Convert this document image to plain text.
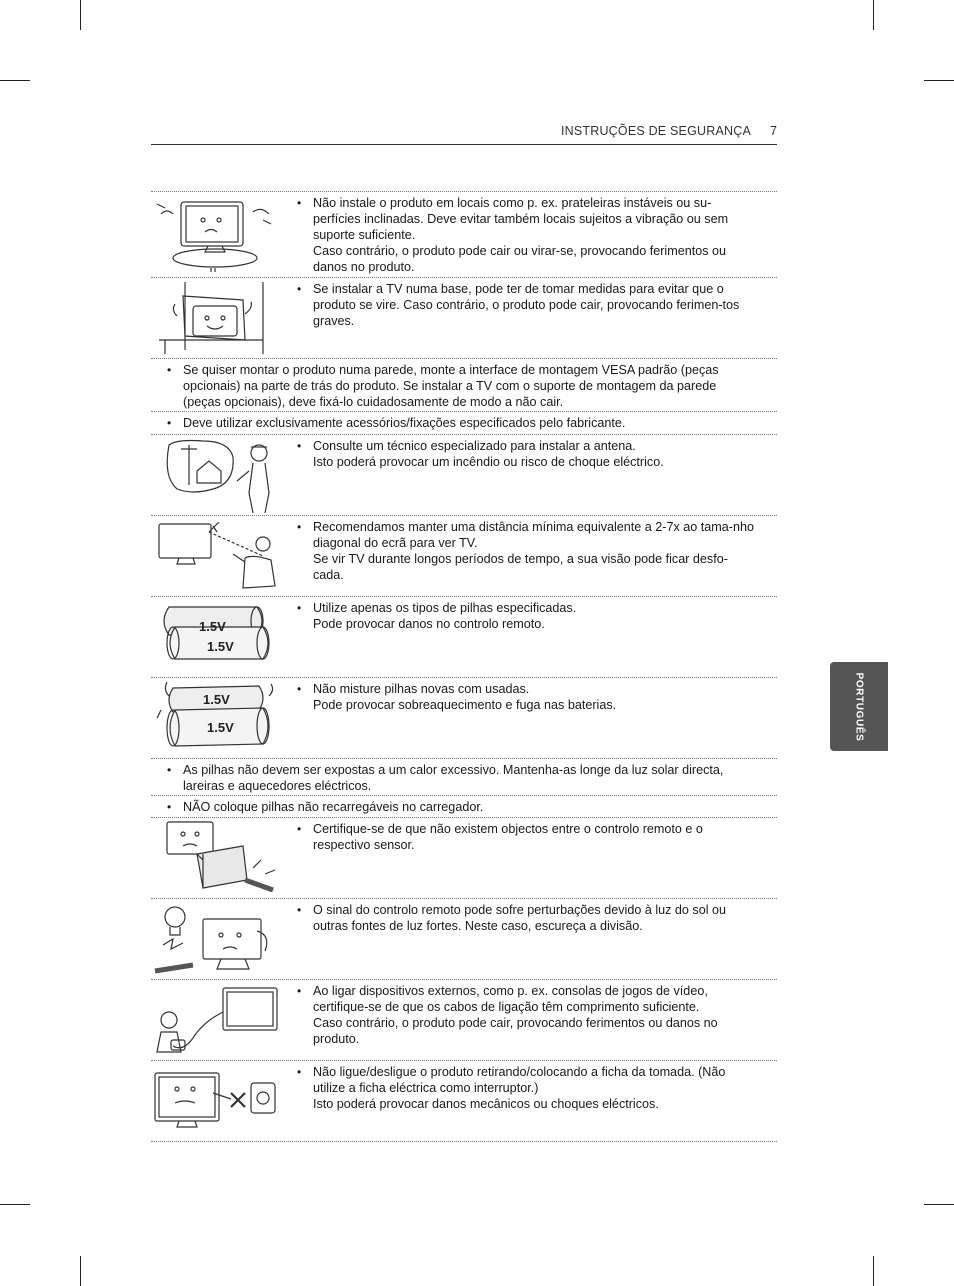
INSTRUÇÕES DE SEGURANÇA 7
PORTUGUÊS
• Não instale o produto em locais como p. ex. prateleiras instáveis ou su-perfícies inclinadas. Deve evitar também locais sujeitos a vibração ou sem suporte suficiente.

Caso contrário, o produto pode cair ou virar-se, provocando ferimentos ou danos no produto.

• Se instalar a TV numa base, pode ter de tomar medidas para evitar que o produto se vire. Caso contrário, o produto pode cair, provocando ferimen-tos graves.

• Se quiser montar o produto numa parede, monte a interface de montagem VESA padrão (peças opcionais) na parte de trás do produto. Se instalar a TV com o suporte de montagem da parede (peças opcionais), deve fixá-lo cuidadosamente de modo a não cair.

• Deve utilizar exclusivamente acessórios/fixações especificados pelo fabricante.

• Consulte um técnico especializado para instalar a antena.

Isto poderá provocar um incêndio ou risco de choque eléctrico.

• Recomendamos manter uma distância mínima equivalente a 2-7x ao tama-nho diagonal do ecrã para ver TV.

Se vir TV durante longos períodos de tempo, a sua visão pode ficar desfo-cada.

1.5V
1.5V
• Utilize apenas os tipos de pilhas especificadas.

Pode provocar danos no controlo remoto.

1.5V
1.5V
• Não misture pilhas novas com usadas.

Pode provocar sobreaquecimento e fuga nas baterias.

• As pilhas não devem ser expostas a um calor excessivo. Mantenha-as longe da luz solar directa, lareiras e aquecedores eléctricos.

• NÃO coloque pilhas não recarregáveis no carregador.

• Certifique-se de que não existem objectos entre o controlo remoto e o respectivo sensor.

• O sinal do controlo remoto pode sofre perturbações devido à luz do sol ou outras fontes de luz fortes. Neste caso, escureça a divisão.

• Ao ligar dispositivos externos, como p. ex. consolas de jogos de vídeo, certifique-se de que os cabos de ligação têm comprimento suficiente.

Caso contrário, o produto pode cair, provocando ferimentos ou danos no produto.

• Não ligue/desligue o produto retirando/colocando a ficha da tomada. (Não utilize a ficha eléctrica como interruptor.)

Isto poderá provocar danos mecânicos ou choques eléctricos.
